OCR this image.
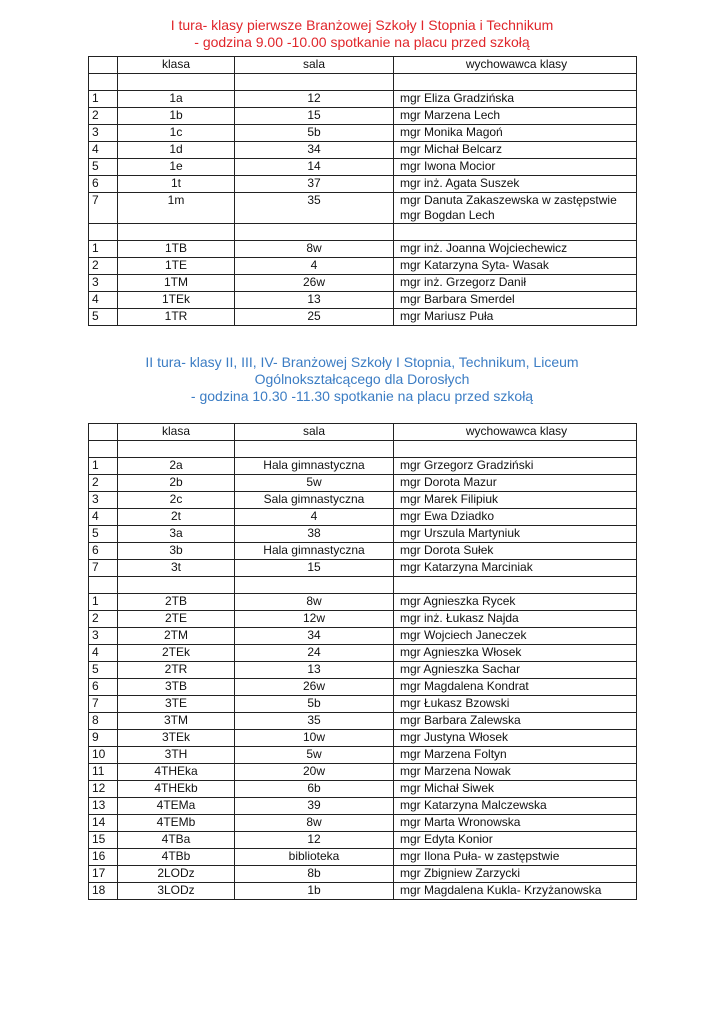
I tura- klasy pierwsze Branżowej Szkoły I Stopnia i Technikum
- godzina 9.00 -10.00 spotkanie na placu przed szkołą
	klasa	sala	wychowawca klasy

1	1a	12	mgr Eliza Gradzińska
2	1b	15	mgr Marzena Lech
3	1c	5b	mgr Monika Magoń
4	1d	34	mgr Michał Belcarz
5	1e	14	mgr Iwona Mocior
6	1t	37	mgr inż. Agata Suszek
7	1m	35	mgr Danuta Zakaszewska w zastępstwie mgr Bogdan Lech

1	1TB	8w	mgr inż. Joanna Wojciechewicz
2	1TE	4	mgr Katarzyna Syta- Wasak
3	1TM	26w	mgr inż. Grzegorz Danił
4	1TEk	13	mgr Barbara Smerdel
5	1TR	25	mgr Mariusz Puła
II tura- klasy II, III, IV- Branżowej Szkoły I Stopnia, Technikum, Liceum
Ogólnokształcącego dla Dorosłych
- godzina 10.30 -11.30 spotkanie na placu przed szkołą
	klasa	sala	wychowawca klasy

1	2a	Hala gimnastyczna	mgr Grzegorz Gradziński
2	2b	5w	mgr Dorota Mazur
3	2c	Sala gimnastyczna	mgr Marek Filipiuk
4	2t	4	mgr Ewa Dziadko
5	3a	38	mgr Urszula Martyniuk
6	3b	Hala gimnastyczna	mgr Dorota Sułek
7	3t	15	mgr Katarzyna Marciniak

1	2TB	8w	mgr Agnieszka Rycek
2	2TE	12w	mgr inż. Łukasz Najda
3	2TM	34	mgr Wojciech Janeczek
4	2TEk	24	mgr Agnieszka Włosek
5	2TR	13	mgr Agnieszka Sachar
6	3TB	26w	mgr Magdalena Kondrat
7	3TE	5b	mgr Łukasz Bzowski
8	3TM	35	mgr Barbara Zalewska
9	3TEk	10w	mgr Justyna Włosek
10	3TH	5w	mgr Marzena Foltyn
11	4THEka	20w	mgr Marzena Nowak
12	4THEkb	6b	mgr Michał Siwek
13	4TEMa	39	mgr Katarzyna Malczewska
14	4TEMb	8w	mgr Marta Wronowska
15	4TBa	12	mgr Edyta Konior
16	4TBb	biblioteka	mgr Ilona Puła- w zastępstwie
17	2LODz	8b	mgr Zbigniew Zarzycki
18	3LODz	1b	mgr Magdalena Kukla- Krzyżanowska
